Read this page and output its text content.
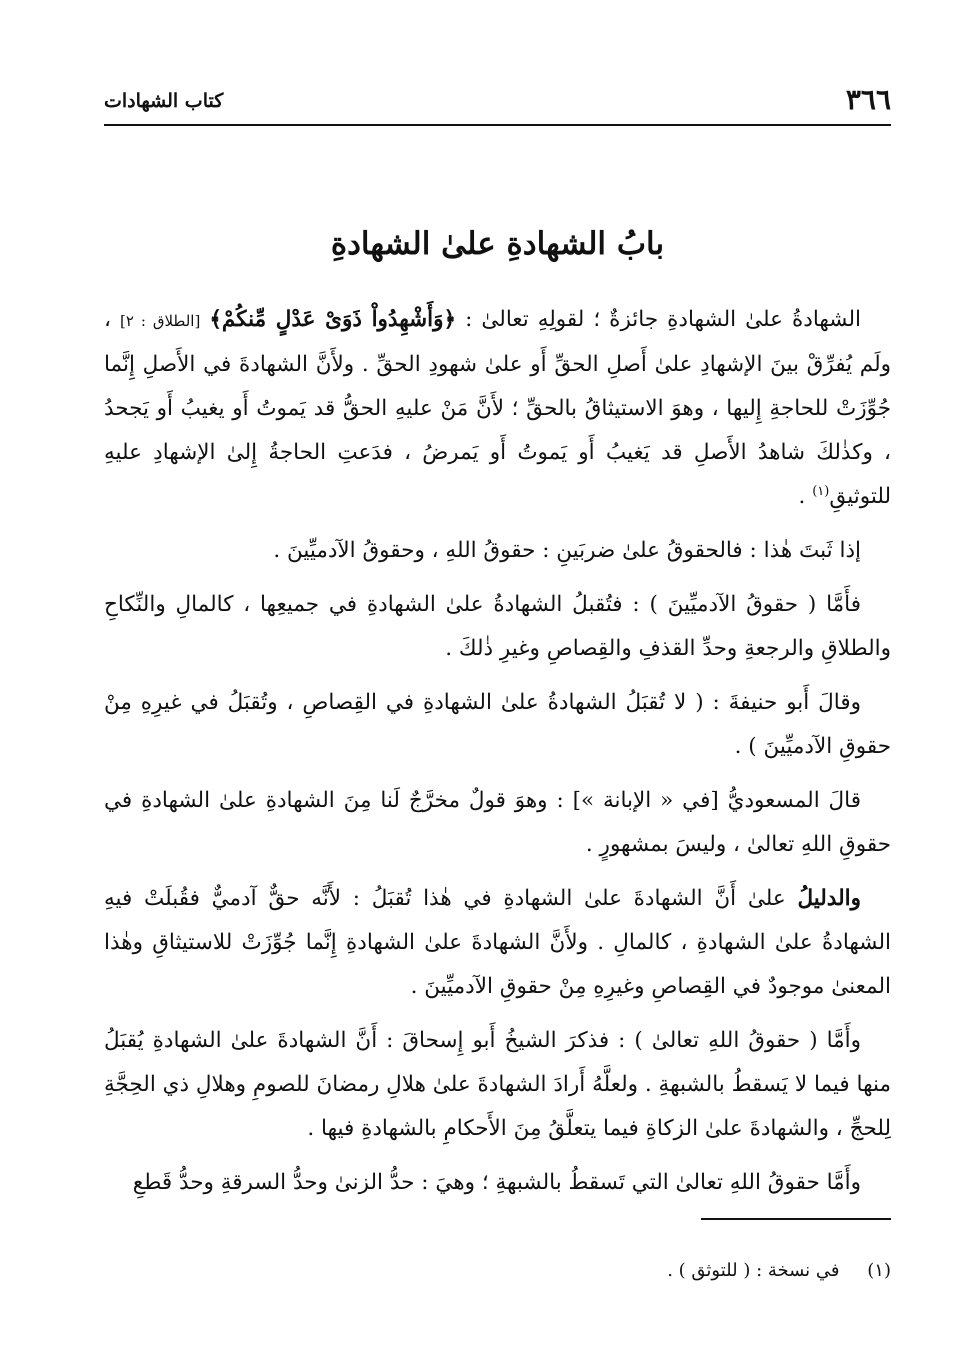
٣٦٦
كتاب الشهادات
بابُ الشهادةِ علىٰ الشهادةِ

الشهادةُ علىٰ الشهادةِ جائزةٌ ؛ لقولِهِ تعالىٰ : ﴿وَأَشْهِدُواْ ذَوَىْ عَدْلٍ مِّنكُمْ﴾ [الطلاق : ٢] ، ولَم يُفرِّقْ بينَ الإشهادِ علىٰ أَصلِ الحقِّ أَو علىٰ شهودِ الحقِّ . ولأَنَّ الشهادةَ في الأَصلِ إِنَّما جُوِّزَتْ للحاجةِ إِليها ، وهوَ الاستيثاقُ بالحقِّ ؛ لأَنَّ مَنْ عليهِ الحقُّ قد يَموتُ أَو يغيبُ أَو يَجحدُ ، وكذٰلكَ شاهدُ الأَصلِ قد يَغيبُ أَو يَموتُ أَو يَمرضُ ، فدَعتِ الحاجةُ إِلىٰ الإشهادِ عليهِ للتوثيقِ$^{(١)}$ .

إذا ثَبتَ هٰذا : فالحقوقُ علىٰ ضربَينِ : حقوقُ اللهِ ، وحقوقُ الآدميِّينَ .

فأَمَّا ( حقوقُ الآدميِّينَ ) : فتُقبلُ الشهادةُ علىٰ الشهادةِ في جميعِها ، كالمالِ والنِّكاحِ والطلاقِ والرجعةِ وحدِّ القذفِ والقِصاصِ وغيرِ ذٰلكَ .

وقالَ أَبو حنيفةَ : ( لا تُقبَلُ الشهادةُ علىٰ الشهادةِ في القِصاصِ ، وتُقبَلُ في غيرِهِ مِنْ حقوقِ الآدميِّينَ ) .

قالَ المسعوديُّ [في « الإبانة »] : وهوَ قولٌ مخرَّجٌ لَنا مِنَ الشهادةِ علىٰ الشهادةِ في حقوقِ اللهِ تعالىٰ ، وليسَ بمشهورٍ .

والدليلُ علىٰ أَنَّ الشهادةَ علىٰ الشهادةِ في هٰذا تُقبَلُ : لأَنَّه حقٌّ آدميٌّ فقُبلَتْ فيهِ الشهادةُ علىٰ الشهادةِ ، كالمالِ . ولأَنَّ الشهادةَ علىٰ الشهادةِ إِنَّما جُوِّزَتْ للاستيثاقِ وهٰذا المعنىٰ موجودٌ في القِصاصِ وغيرِهِ مِنْ حقوقِ الآدميِّينَ .

وأَمَّا ( حقوقُ اللهِ تعالىٰ ) : فذكرَ الشيخُ أَبو إِسحاقَ : أَنَّ الشهادةَ علىٰ الشهادةِ يُقبَلُ منها فيما لا يَسقطُ بالشبهةِ . ولعلَّهُ أَرادَ الشهادةَ علىٰ هلالِ رمضانَ للصومِ وهلالِ ذي الحِجَّةِ لِلحجِّ ، والشهادةَ علىٰ الزكاةِ فيما يتعلَّقُ مِنَ الأَحكامِ بالشهادةِ فيها .

وأَمَّا حقوقُ اللهِ تعالىٰ التي تَسقطُ بالشبهةِ ؛ وهيَ : حدُّ الزنىٰ وحدُّ السرقةِ وحدُّ قَطعِ

(١) في نسخة : ( للتوثق ) .
